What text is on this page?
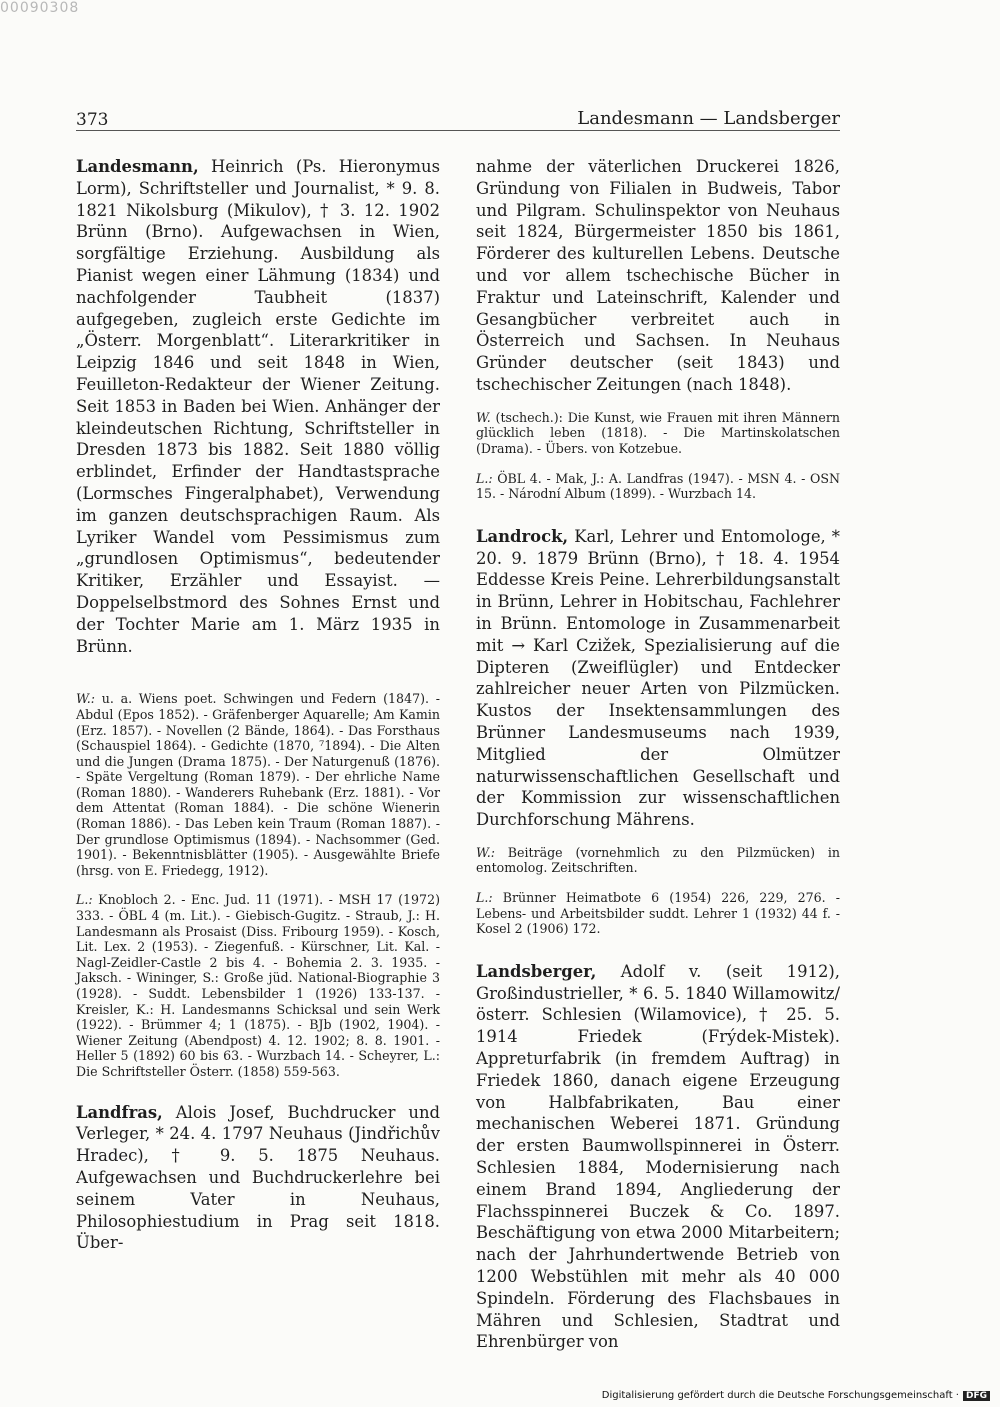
00090308
373	Landesmann — Landsberger

Landesmann, Heinrich (Ps. Hieronymus Lorm), Schriftsteller und Journalist, * 9. 8. 1821 Nikolsburg (Mikulov), † 3. 12. 1902 Brünn (Brno). Aufgewachsen in Wien, sorgfältige Erziehung. Ausbildung als Pianist wegen einer Lähmung (1834) und nachfolgender Taubheit (1837) aufgegeben, zugleich erste Gedichte im „Österr. Morgenblatt“. Literarkritiker in Leipzig 1846 und seit 1848 in Wien, Feuilleton-Redakteur der Wiener Zeitung. Seit 1853 in Baden bei Wien. Anhänger der kleindeutschen Richtung, Schriftsteller in Dresden 1873 bis 1882. Seit 1880 völlig erblindet, Erfinder der Handtastsprache (Lormsches Fingeralphabet), Verwendung im ganzen deutschsprachigen Raum. Als Lyriker Wandel vom Pessimismus zum „grundlosen Optimismus“, bedeutender Kritiker, Erzähler und Essayist. — Doppelselbstmord des Sohnes Ernst und der Tochter Marie am 1. März 1935 in Brünn.

W.: u. a. Wiens poet. Schwingen und Federn (1847). - Abdul (Epos 1852). - Gräfenberger Aquarelle; Am Kamin (Erz. 1857). - Novellen (2 Bände, 1864). - Das Forsthaus (Schauspiel 1864). - Gedichte (1870, ⁷1894). - Die Alten und die Jungen (Drama 1875). - Der Naturgenuß (1876). - Späte Vergeltung (Roman 1879). - Der ehrliche Name (Roman 1880). - Wanderers Ruhebank (Erz. 1881). - Vor dem Attentat (Roman 1884). - Die schöne Wienerin (Roman 1886). - Das Leben kein Traum (Roman 1887). - Der grundlose Optimismus (1894). - Nachsommer (Ged. 1901). - Bekenntnisblätter (1905). - Ausgewählte Briefe (hrsg. von E. Friedegg, 1912).

L.: Knobloch 2. - Enc. Jud. 11 (1971). - MSH 17 (1972) 333. - ÖBL 4 (m. Lit.). - Giebisch-Gugitz. - Straub, J.: H. Landesmann als Prosaist (Diss. Fribourg 1959). - Kosch, Lit. Lex. 2 (1953). - Ziegenfuß. - Kürschner, Lit. Kal. - Nagl-Zeidler-Castle 2 bis 4. - Bohemia 2. 3. 1935. - Jaksch. - Wininger, S.: Große jüd. National-Biographie 3 (1928). - Suddt. Lebensbilder 1 (1926) 133-137. - Kreisler, K.: H. Landesmanns Schicksal und sein Werk (1922). - Brümmer 4; 1 (1875). - BJb (1902, 1904). - Wiener Zeitung (Abendpost) 4. 12. 1902; 8. 8. 1901. - Heller 5 (1892) 60 bis 63. - Wurzbach 14. - Scheyrer, L.: Die Schriftsteller Österr. (1858) 559-563.

Landfras, Alois Josef, Buchdrucker und Verleger, * 24. 4. 1797 Neuhaus (Jindřichův Hradec), † 9. 5. 1875 Neuhaus. Aufgewachsen und Buchdruckerlehre bei seinem Vater in Neuhaus, Philosophiestudium in Prag seit 1818. Über-

nahme der väterlichen Druckerei 1826, Gründung von Filialen in Budweis, Tabor und Pilgram. Schulinspektor von Neuhaus seit 1824, Bürgermeister 1850 bis 1861, Förderer des kulturellen Lebens. Deutsche und vor allem tschechische Bücher in Fraktur und Lateinschrift, Kalender und Gesangbücher verbreitet auch in Österreich und Sachsen. In Neuhaus Gründer deutscher (seit 1843) und tschechischer Zeitungen (nach 1848).

W. (tschech.): Die Kunst, wie Frauen mit ihren Männern glücklich leben (1818). - Die Martinskolatschen (Drama). - Übers. von Kotzebue.

L.: ÖBL 4. - Mak, J.: A. Landfras (1947). - MSN 4. - OSN 15. - Národní Album (1899). - Wurzbach 14.

Landrock, Karl, Lehrer und Entomologe, * 20. 9. 1879 Brünn (Brno), † 18. 4. 1954 Eddesse Kreis Peine. Lehrerbildungsanstalt in Brünn, Lehrer in Hobitschau, Fachlehrer in Brünn. Entomologe in Zusammenarbeit mit → Karl Czižek, Spezialisierung auf die Dipteren (Zweiflügler) und Entdecker zahlreicher neuer Arten von Pilzmücken. Kustos der Insektensammlungen des Brünner Landesmuseums nach 1939, Mitglied der Olmützer naturwissenschaftlichen Gesellschaft und der Kommission zur wissenschaftlichen Durchforschung Mährens.

W.: Beiträge (vornehmlich zu den Pilzmücken) in entomolog. Zeitschriften.

L.: Brünner Heimatbote 6 (1954) 226, 229, 276. - Lebens- und Arbeitsbilder suddt. Lehrer 1 (1932) 44 f. - Kosel 2 (1906) 172.

Landsberger, Adolf v. (seit 1912), Großindustrieller, * 6. 5. 1840 Willamowitz/österr. Schlesien (Wilamovice), † 25. 5. 1914 Friedek (Frýdek-Mistek). Appreturfabrik (in fremdem Auftrag) in Friedek 1860, danach eigene Erzeugung von Halbfabrikaten, Bau einer mechanischen Weberei 1871. Gründung der ersten Baumwollspinnerei in Österr. Schlesien 1884, Modernisierung nach einem Brand 1894, Angliederung der Flachsspinnerei Buczek & Co. 1897. Beschäftigung von etwa 2000 Mitarbeitern; nach der Jahrhundertwende Betrieb von 1200 Webstühlen mit mehr als 40 000 Spindeln. Förderung des Flachsbaues in Mähren und Schlesien, Stadtrat und Ehrenbürger von

Digitalisierung gefördert durch die Deutsche Forschungsgemeinschaft · DFG
